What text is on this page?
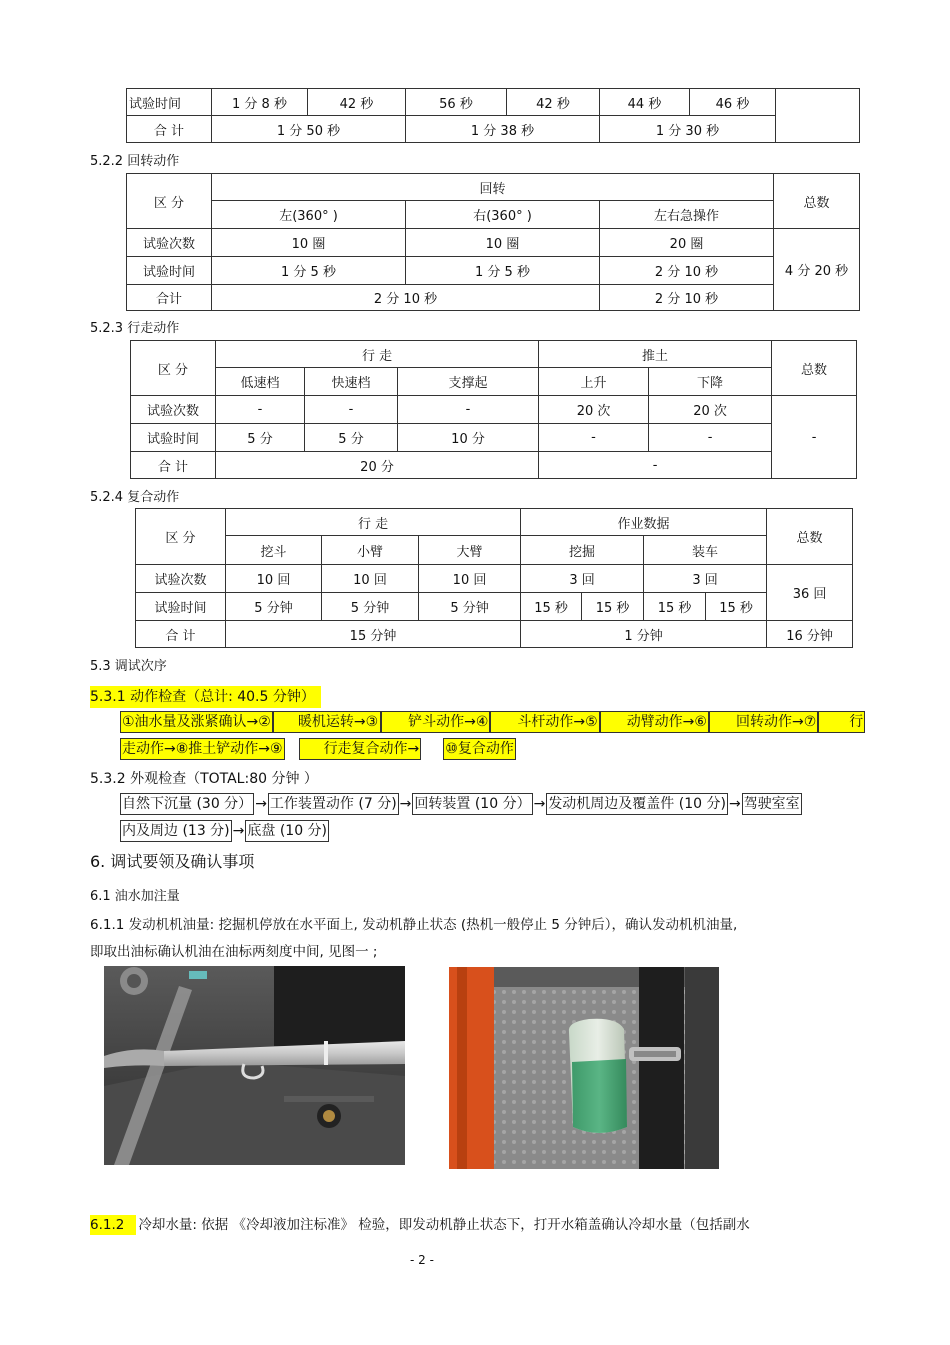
试验时间	1 分 8 秒	42 秒	56 秒	42 秒	44 秒	46 秒	
合 计	1 分 50 秒		1 分 38 秒		1 分 30 秒		
5.2.2 回转动作
区 分	回转			总数
	左(360° )	右(360° )	左右急操作	
试验次数	10 圈	10 圈	20 圈	4 分 20 秒
试验时间	1 分 5 秒	1 分 5 秒	2 分 10 秒	
合计	2 分 10 秒		2 分 10 秒	
5.2.3 行走动作
区 分	行 走			推土		总数
	低速档	快速档	支撑起	上升	下降	
试验次数	-	-	-	20 次	20 次	-
试验时间	5 分	5 分	10 分	-	-	
合 计	20 分			-		
5.2.4 复合动作
区 分	行 走			作业数据				总数
	挖斗	小臂	大臂	挖掘		装车		
试验次数	10 回	10 回	10 回	3 回		3 回		36 回
试验时间	5 分钟	5 分钟	5 分钟	15 秒	15 秒	15 秒	15 秒	
合 计	15 分钟			1 分钟				16 分钟
5.3 调试次序
5.3.1 动作检查（总计: 40.5 分钟）
①油水量及涨紧确认→② 暖机运转→③ 铲斗动作→④ 斗杆动作→⑤ 动臂动作→⑥ 回转动作→⑦ 行
走动作→⑧推土铲动作→⑨	行走复合动作→ ⑩复合动作
5.3.2 外观检查（TOTAL:80 分钟 ）
自然下沉量 (30 分） → 工作装置动作 (7 分) → 回转装置 (10 分） → 发动机周边及覆盖件 (10 分) → 驾驶室室
内及周边 (13 分) → 底盘 (10 分)
6. 调试要领及确认事项
6.1 油水加注量
6.1.1 发动机机油量: 挖掘机停放在水平面上, 发动机静止状态 (热机一般停止 5 分钟后），确认发动机机油量,
即取出油标确认机油在油标两刻度中间, 见图一 ;
6.1.2 冷却水量: 依据 《冷却液加注标准》 检验，即发动机静止状态下，打开水箱盖确认冷却水量（包括副水
- 2 -
